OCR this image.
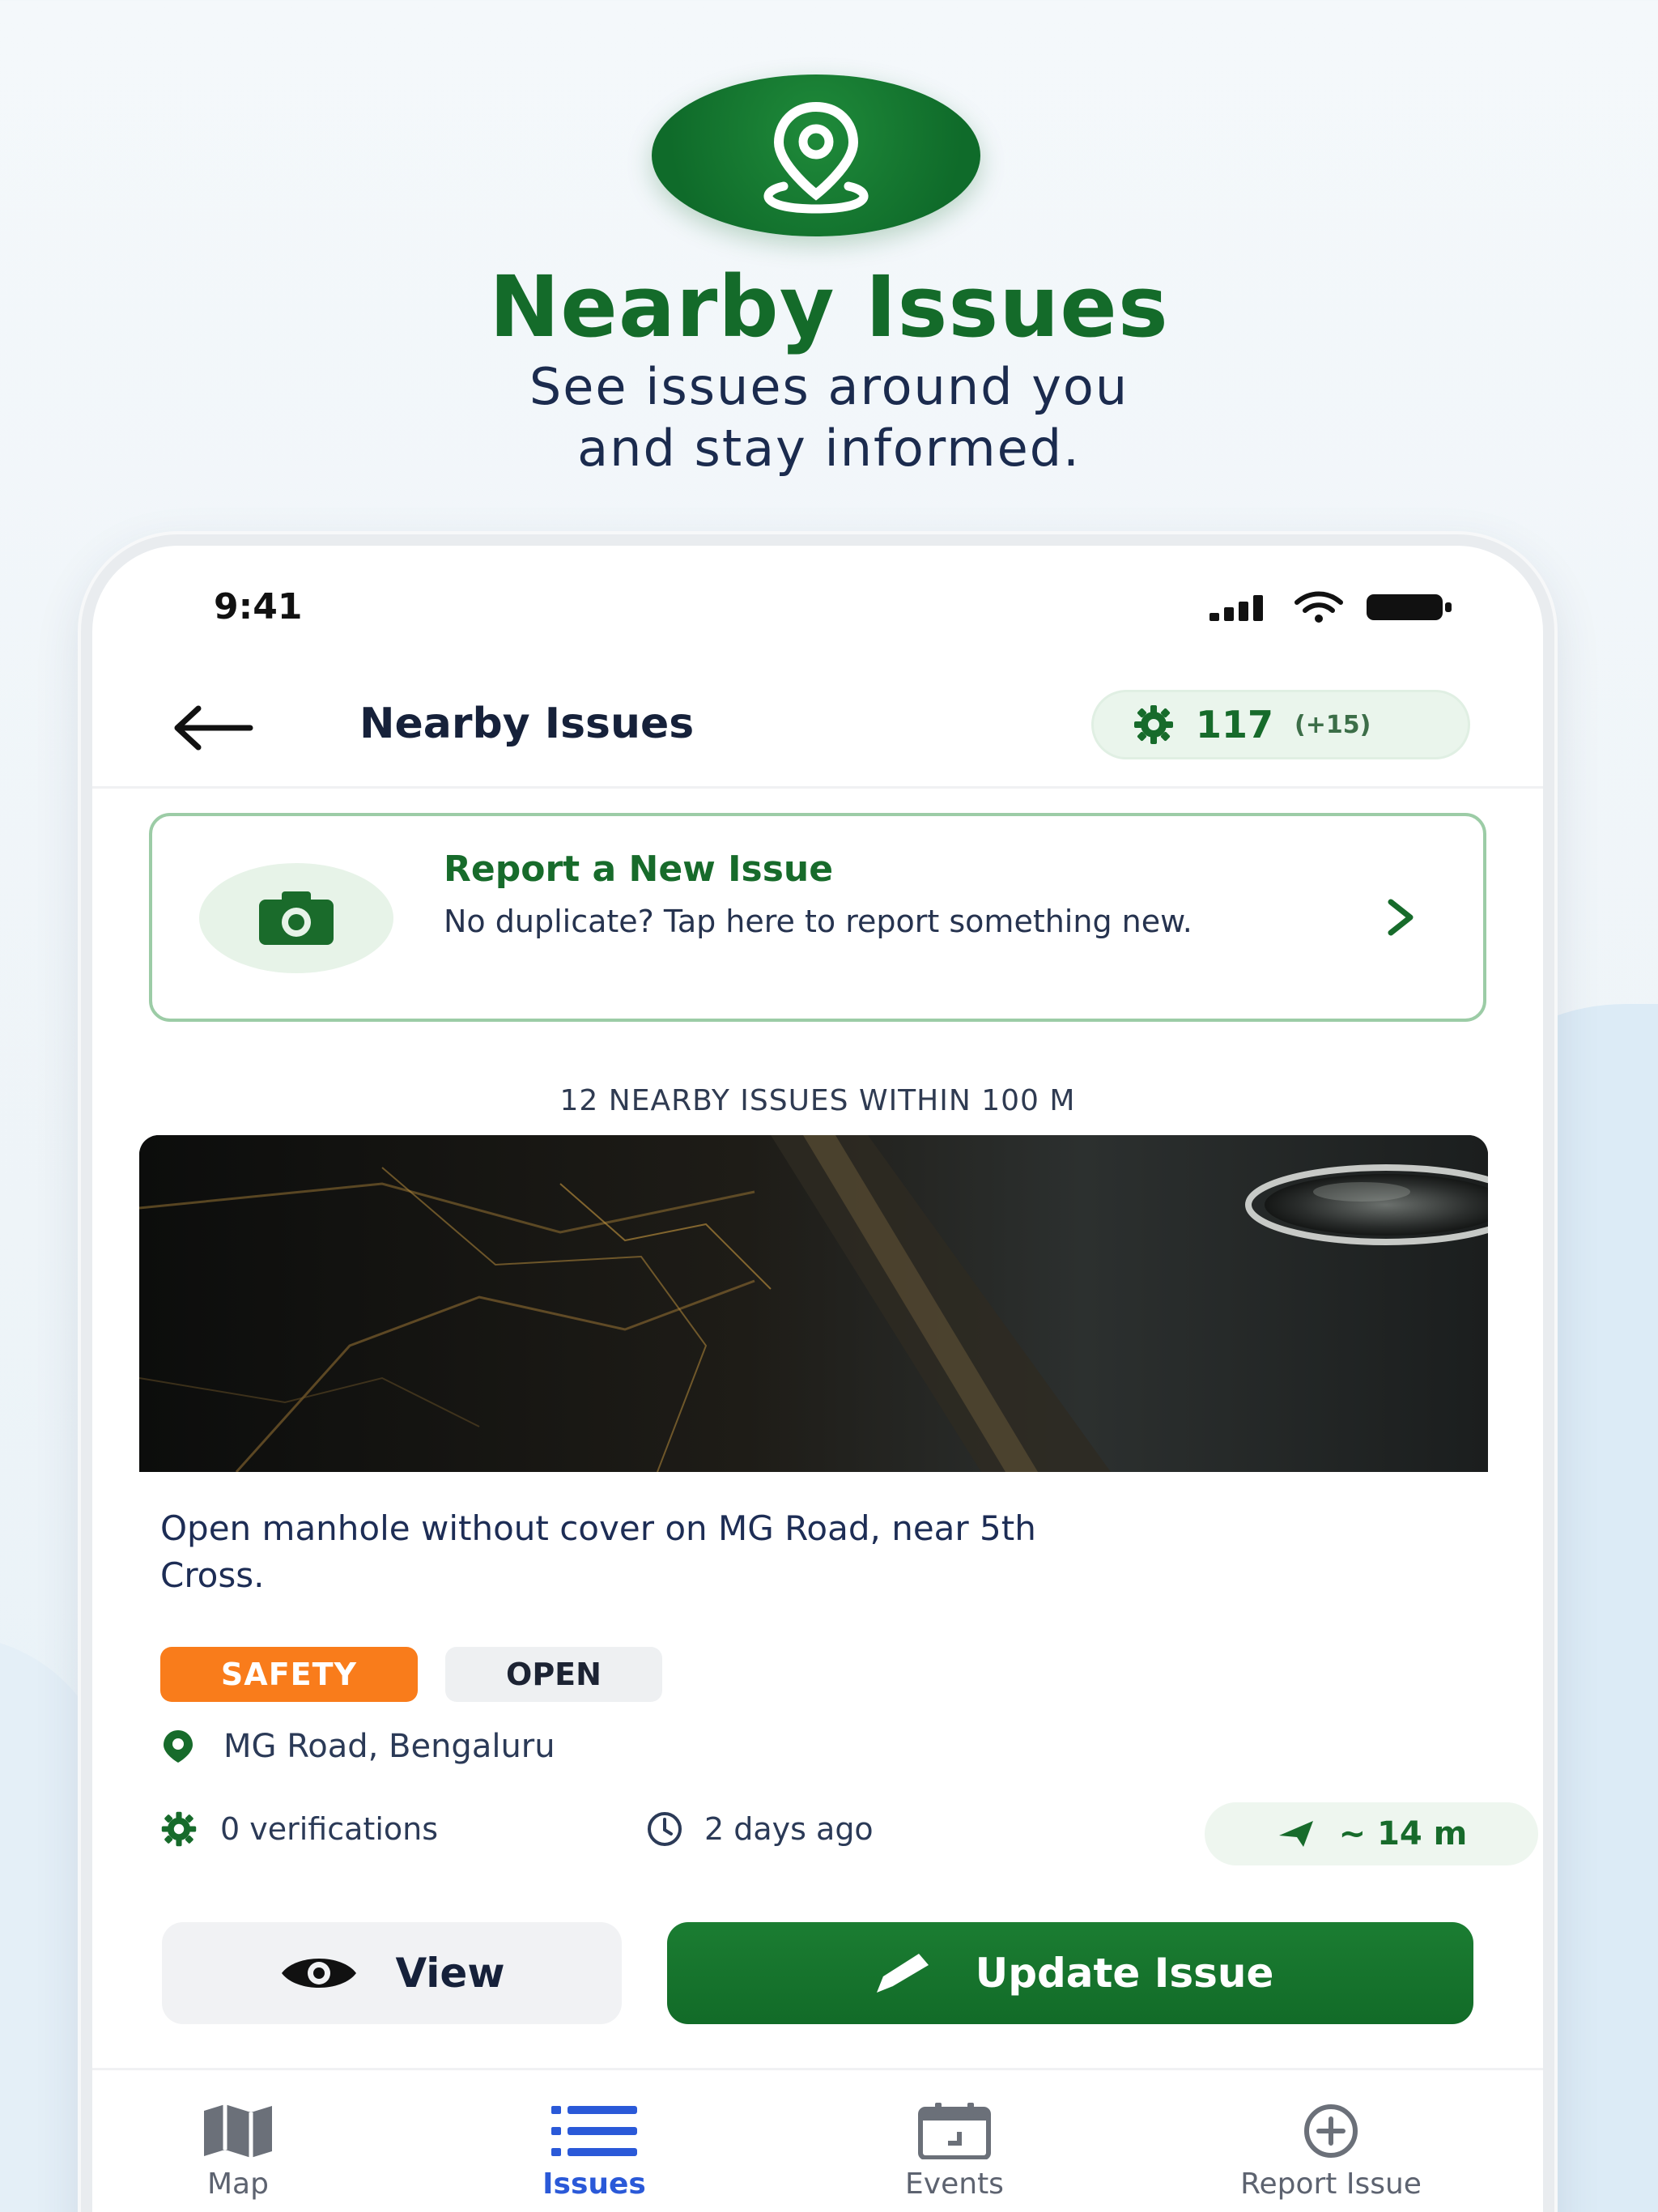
Nearby Issues
See issues around you
and stay informed.
9:41
Nearby Issues	117 (+15)
Report a New Issue
No duplicate? Tap here to report something new.
12 NEARBY ISSUES WITHIN 100 M
Open manhole without cover on MG Road, near 5th Cross.
SAFETY	OPEN
MG Road, Bengaluru
0 verifications	2 days ago	~ 14 m
View	Update Issue
Map	Issues	Events	Report Issue
